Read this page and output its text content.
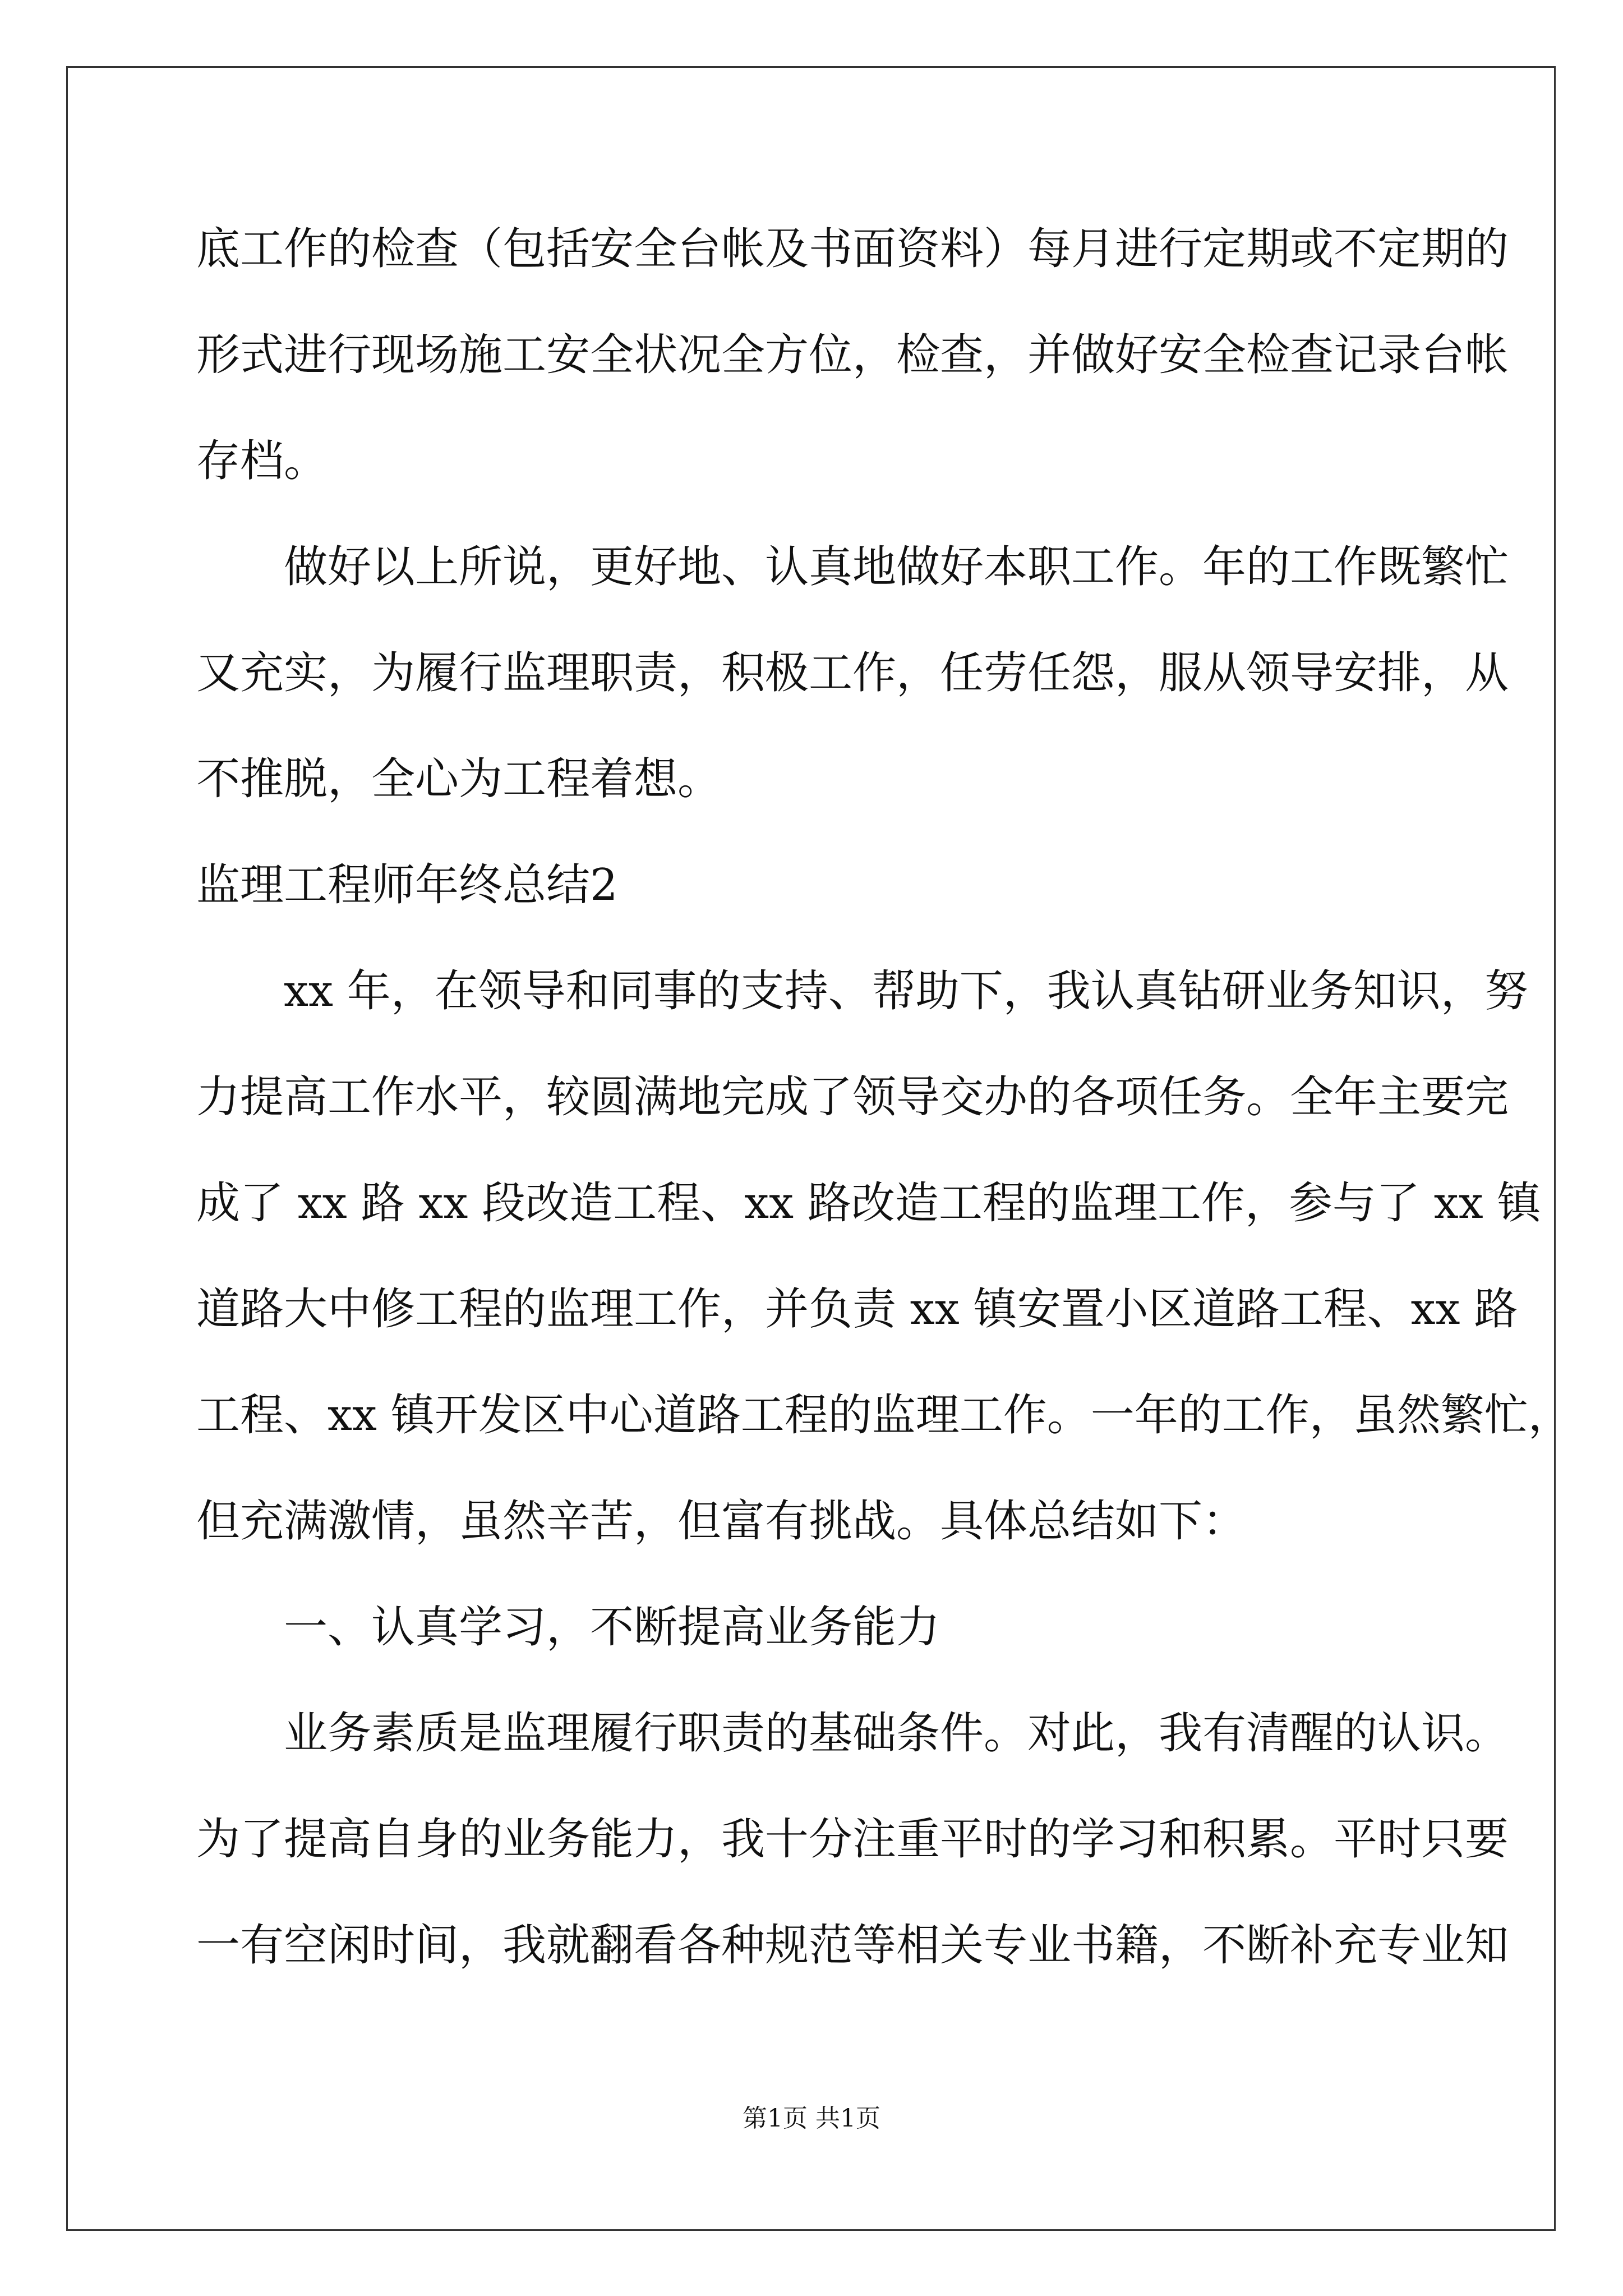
底工作的检查（包括安全台帐及书面资料）每月进行定期或不定期的
形式进行现场施工安全状况全方位，检查，并做好安全检查记录台帐
存档。
做好以上所说，更好地、认真地做好本职工作。年的工作既繁忙
又充实，为履行监理职责，积极工作，任劳任怨，服从领导安排，从
不推脱，全心为工程着想。
监理工程师年终总结2
xx 年，在领导和同事的支持、帮助下，我认真钻研业务知识，努
力提高工作水平，较圆满地完成了领导交办的各项任务。全年主要完
成了 xx 路 xx 段改造工程、xx 路改造工程的监理工作，参与了 xx 镇
道路大中修工程的监理工作，并负责 xx 镇安置小区道路工程、xx 路
工程、xx 镇开发区中心道路工程的监理工作。一年的工作，虽然繁忙，
但充满激情，虽然辛苦，但富有挑战。具体总结如下：
一、认真学习，不断提高业务能力
业务素质是监理履行职责的基础条件。对此，我有清醒的认识。
为了提高自身的业务能力，我十分注重平时的学习和积累。平时只要
一有空闲时间，我就翻看各种规范等相关专业书籍，不断补充专业知
第1页 共1页
